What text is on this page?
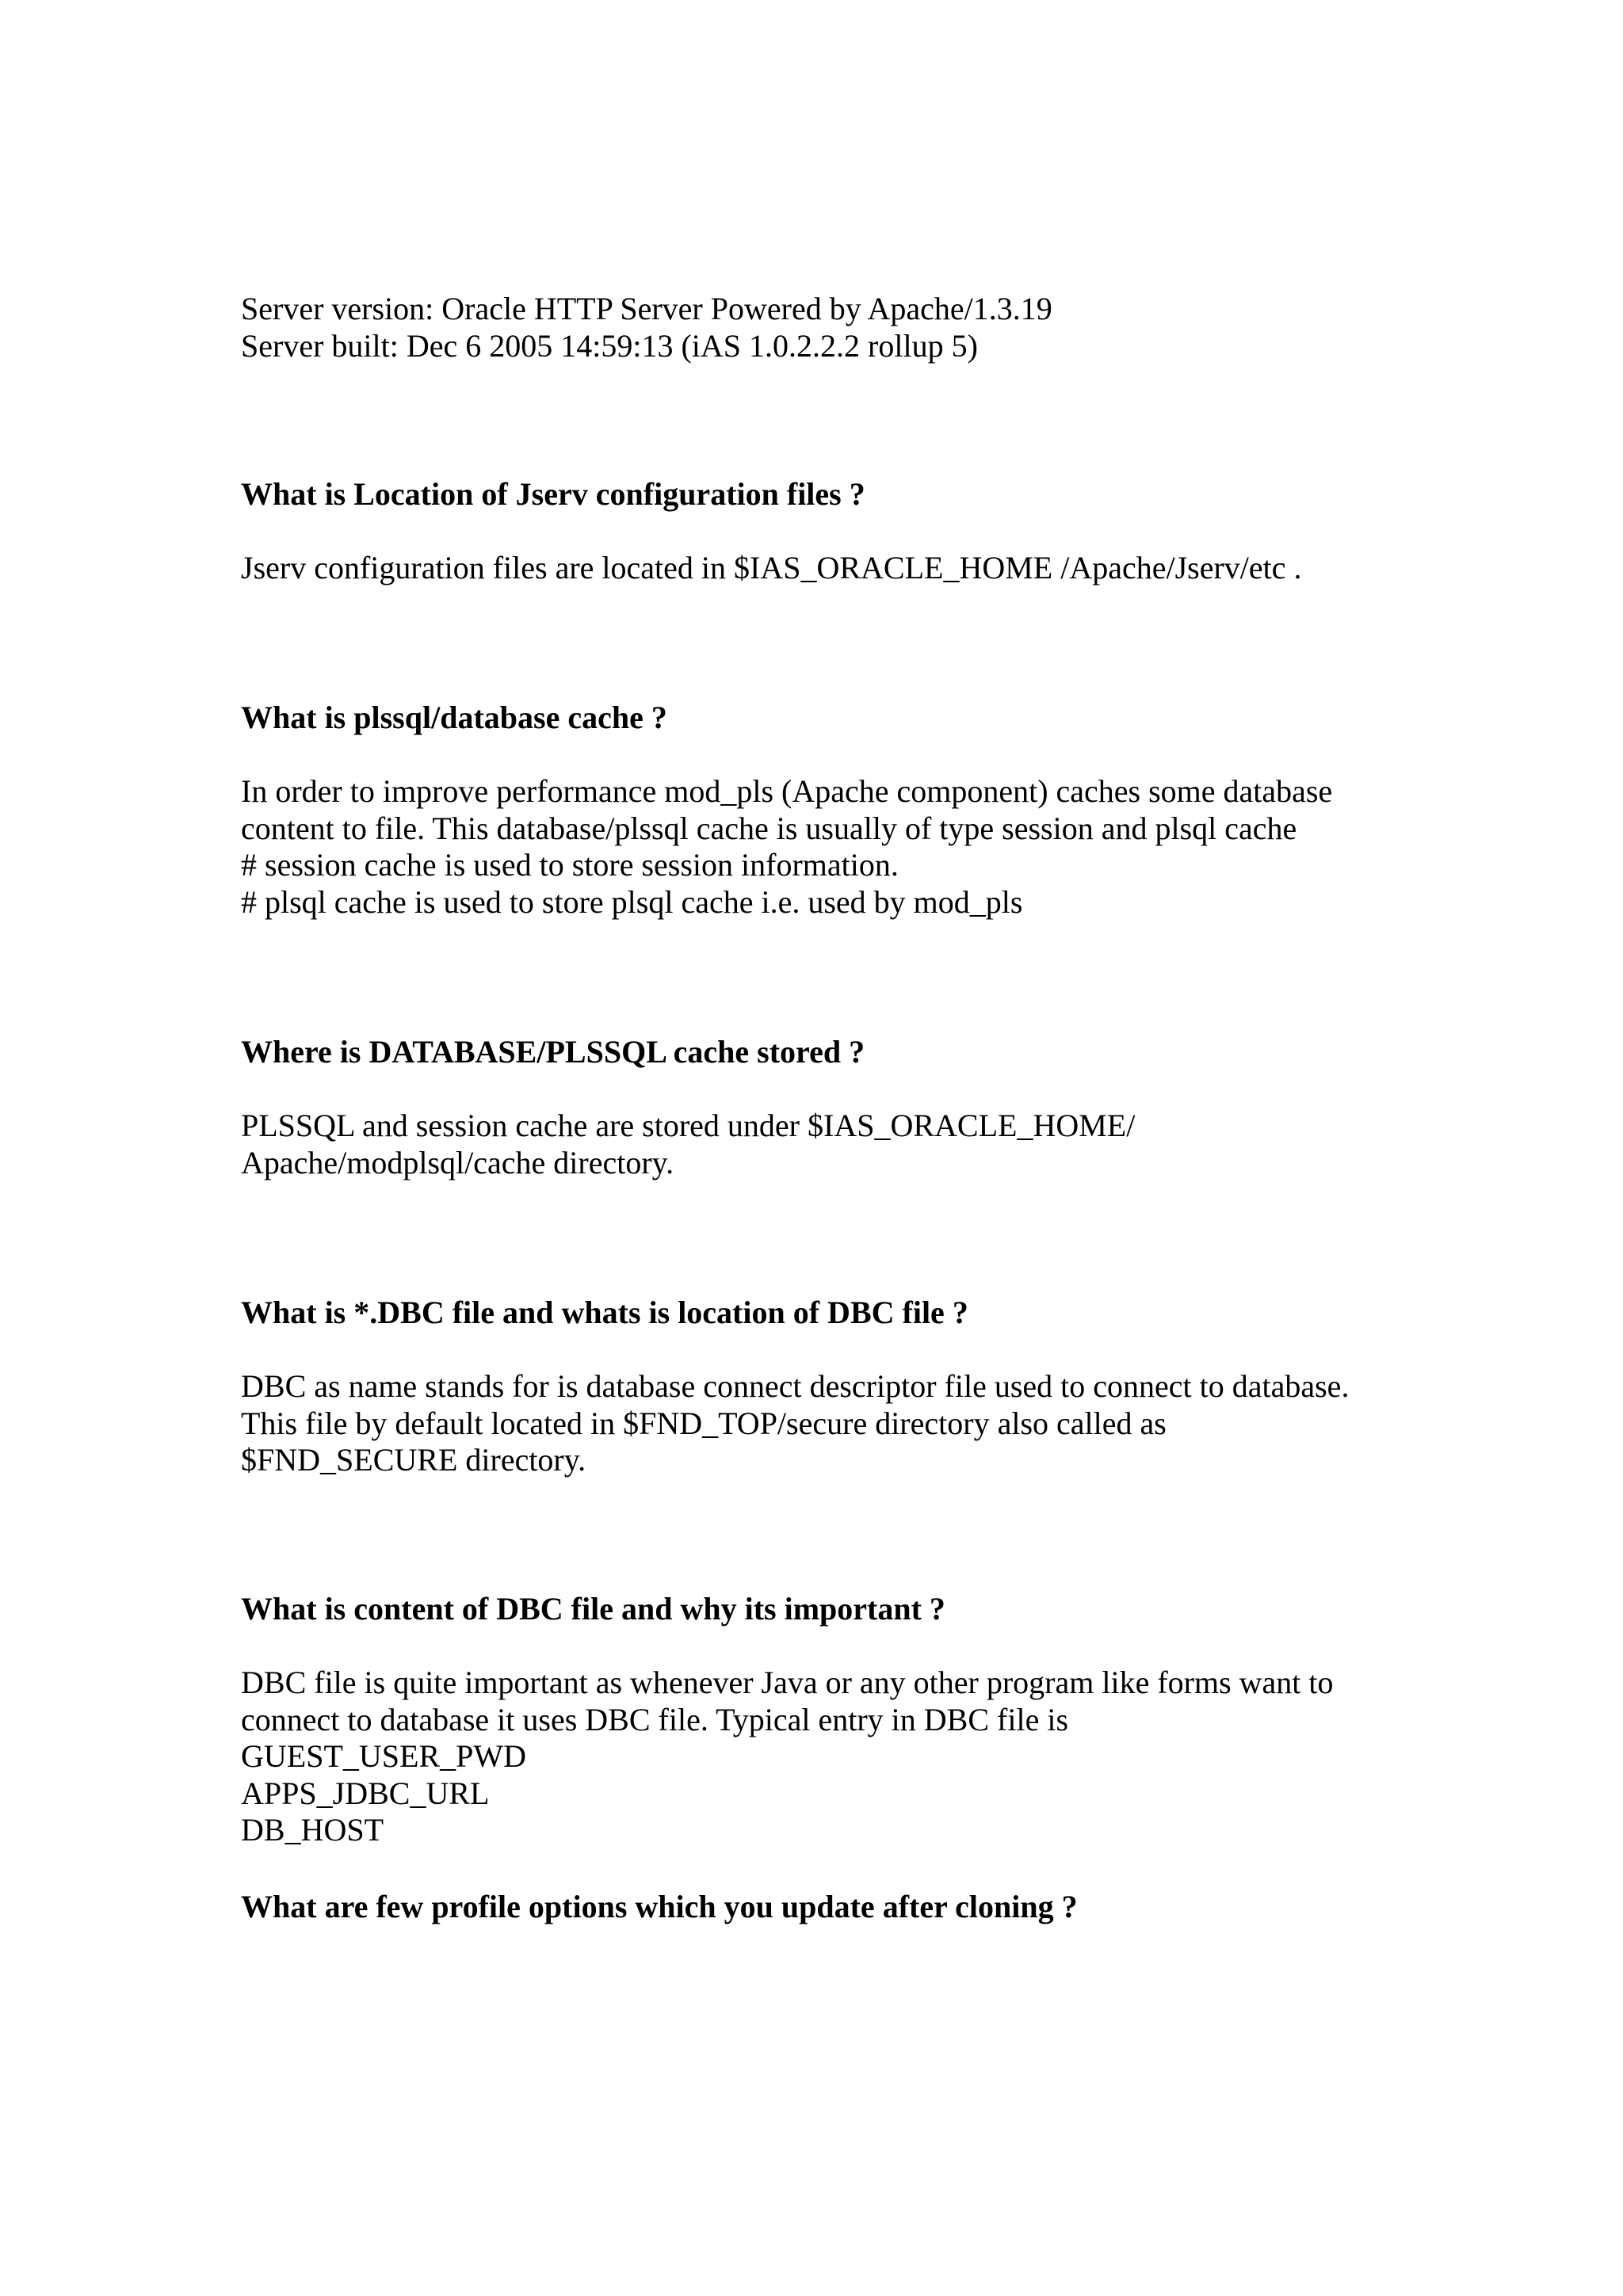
Server version: Oracle HTTP Server Powered by Apache/1.3.19
Server built: Dec 6 2005 14:59:13 (iAS 1.0.2.2.2 rollup 5)
What is Location of Jserv configuration files ?
Jserv configuration files are located in $IAS_ORACLE_HOME /Apache/Jserv/etc .
What is plssql/database cache ?
In order to improve performance mod_pls (Apache component) caches some database
content to file. This database/plssql cache is usually of type session and plsql cache
# session cache is used to store session information.
# plsql cache is used to store plsql cache i.e. used by mod_pls
Where is DATABASE/PLSSQL cache stored ?
PLSSQL and session cache are stored under $IAS_ORACLE_HOME/
Apache/modplsql/cache directory.
What is *.DBC file and whats is location of DBC file ?
DBC as name stands for is database connect descriptor file used to connect to database.
This file by default located in $FND_TOP/secure directory also called as
$FND_SECURE directory.
What is content of DBC file and why its important ?
DBC file is quite important as whenever Java or any other program like forms want to
connect to database it uses DBC file. Typical entry in DBC file is
GUEST_USER_PWD
APPS_JDBC_URL
DB_HOST
What are few profile options which you update after cloning ?
